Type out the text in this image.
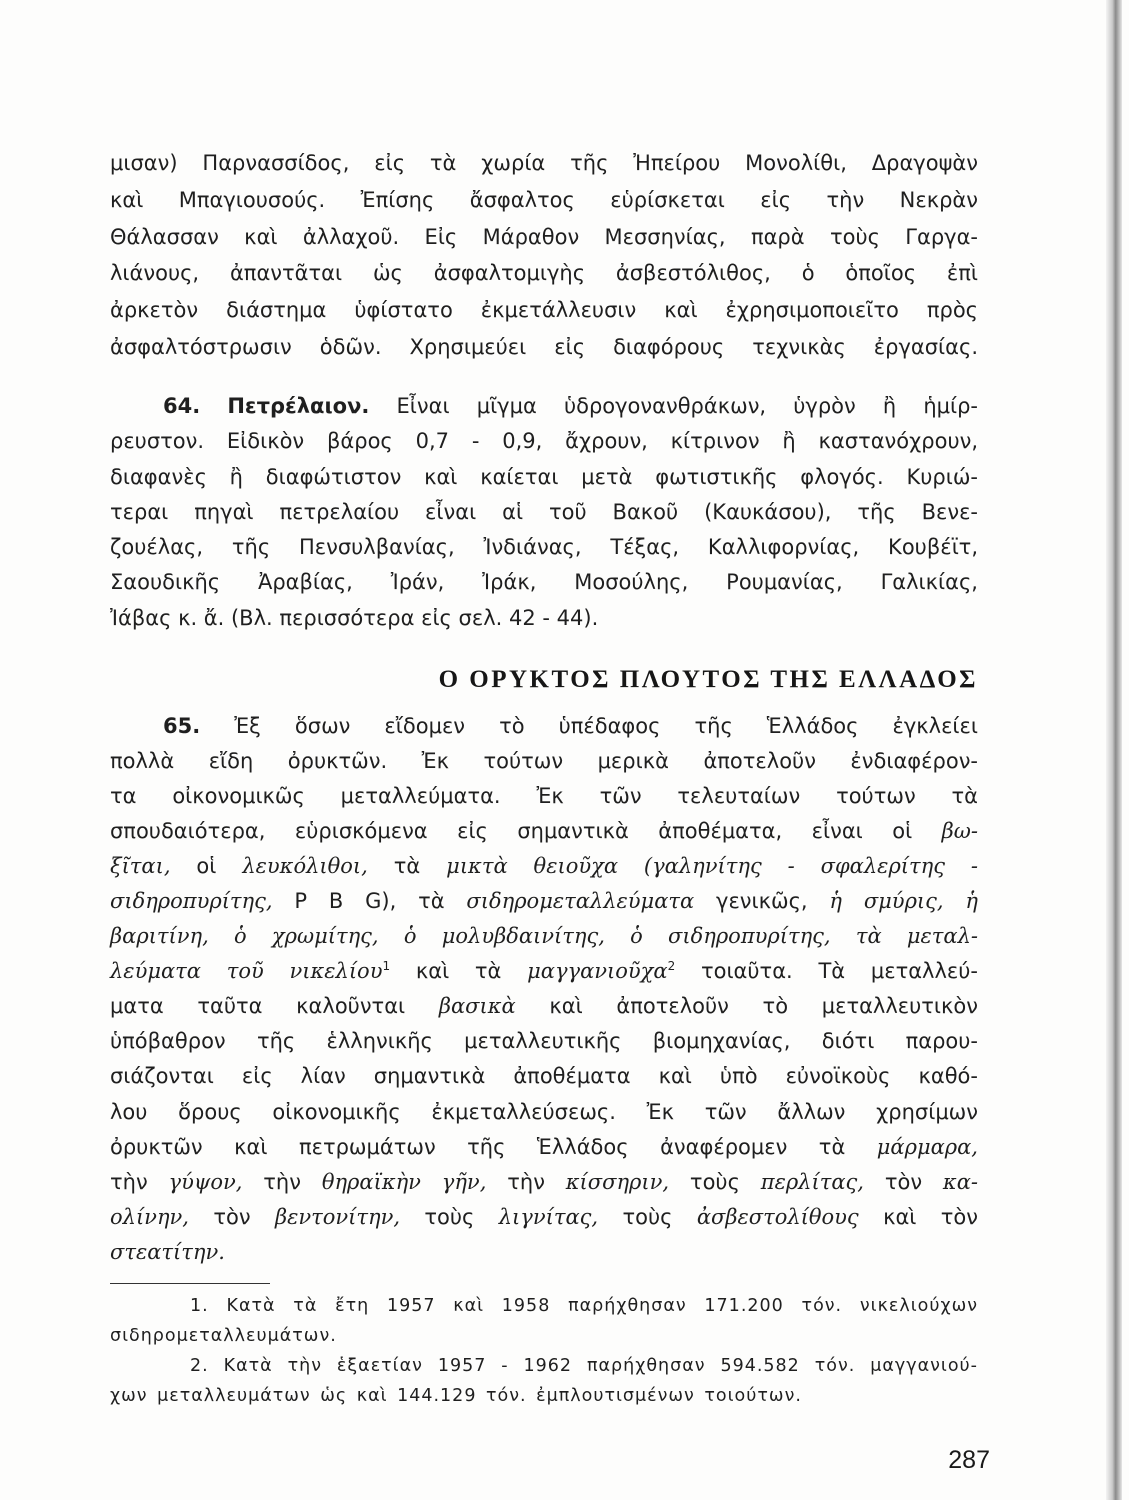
μισαν) Παρνασσίδος, εἰς τὰ χωρία τῆς Ἠπείρου Μονολίθι, Δραγοψὰν
καὶ Μπαγιουσούς. Ἐπίσης ἄσφαλτος εὑρίσκεται εἰς τὴν Νεκρὰν
Θάλασσαν καὶ ἀλλαχοῦ. Εἰς Μάραθον Μεσσηνίας, παρὰ τοὺς Γαργα-
λιάνους, ἀπαντᾶται ὡς ἀσφαλτομιγὴς ἀσβεστόλιθος, ὁ ὁποῖος ἐπὶ
ἀρκετὸν διάστημα ὑφίστατο ἐκμετάλλευσιν καὶ ἐχρησιμοποιεῖτο πρὸς
ἀσφαλτόστρωσιν ὁδῶν. Χρησιμεύει εἰς διαφόρους τεχνικὰς ἐργασίας.
64. Πετρέλαιον. Εἶναι μῖγμα ὑδρογονανθράκων, ὑγρὸν ἢ ἡμίρ-
ρευστον. Εἰδικὸν βάρος 0,7 - 0,9, ἄχρουν, κίτρινον ἢ καστανόχρουν,
διαφανὲς ἢ διαφώτιστον καὶ καίεται μετὰ φωτιστικῆς φλογός. Κυριώ-
τεραι πηγαὶ πετρελαίου εἶναι αἱ τοῦ Βακοῦ (Καυκάσου), τῆς Βενε-
ζουέλας, τῆς Πενσυλβανίας, Ἰνδιάνας, Τέξας, Καλλιφορνίας, Κουβέϊτ,
Σαουδικῆς Ἀραβίας, Ἰράν, Ἰράκ, Μοσούλης, Ρουμανίας, Γαλικίας,
Ἰάβας κ. ἄ. (Βλ. περισσότερα εἰς σελ. 42 - 44).
Ο ΟΡΥΚΤΟΣ ΠΛΟΥΤΟΣ ΤΗΣ ΕΛΛΑΔΟΣ
65. Ἐξ ὅσων εἴδομεν τὸ ὑπέδαφος τῆς Ἑλλάδος ἐγκλείει
πολλὰ εἴδη ὀρυκτῶν. Ἐκ τούτων μερικὰ ἀποτελοῦν ἐνδιαφέρον-
τα οἰκονομικῶς μεταλλεύματα. Ἐκ τῶν τελευταίων τούτων τὰ
σπουδαιότερα, εὑρισκόμενα εἰς σημαντικὰ ἀποθέματα, εἶναι οἱ βω-
ξῖται, οἱ λευκόλιθοι, τὰ μικτὰ θειοῦχα (γαληνίτης - σφαλερίτης -
σιδηροπυρίτης, P B G), τὰ σιδηρομεταλλεύματα γενικῶς, ἡ σμύρις, ἡ
βαριτίνη, ὁ χρωμίτης, ὁ μολυβδαινίτης, ὁ σιδηροπυρίτης, τὰ μεταλ-
λεύματα τοῦ νικελίου$^1$ καὶ τὰ μαγγανιοῦχα$^2$ τοιαῦτα. Τὰ μεταλλεύ-
ματα ταῦτα καλοῦνται βασικὰ καὶ ἀποτελοῦν τὸ μεταλλευτικὸν
ὑπόβαθρον τῆς ἑλληνικῆς μεταλλευτικῆς βιομηχανίας, διότι παρου-
σιάζονται εἰς λίαν σημαντικὰ ἀποθέματα καὶ ὑπὸ εὐνοϊκοὺς καθό-
λου ὅρους οἰκονομικῆς ἐκμεταλλεύσεως. Ἐκ τῶν ἄλλων χρησίμων
ὀρυκτῶν καὶ πετρωμάτων τῆς Ἑλλάδος ἀναφέρομεν τὰ μάρμαρα,
τὴν γύψον, τὴν θηραϊκὴν γῆν, τὴν κίσσηριν, τοὺς περλίτας, τὸν κα-
ολίνην, τὸν βεντονίτην, τοὺς λιγνίτας, τοὺς ἀσβεστολίθους καὶ τὸν
στεατίτην.
1. Κατὰ τὰ ἔτη 1957 καὶ 1958 παρήχθησαν 171.200 τόν. νικελιούχων
σιδηρομεταλλευμάτων.
2. Κατὰ τὴν ἑξαετίαν 1957 - 1962 παρήχθησαν 594.582 τόν. μαγγανιού-
χων μεταλλευμάτων ὡς καὶ 144.129 τόν. ἐμπλουτισμένων τοιούτων.
287
